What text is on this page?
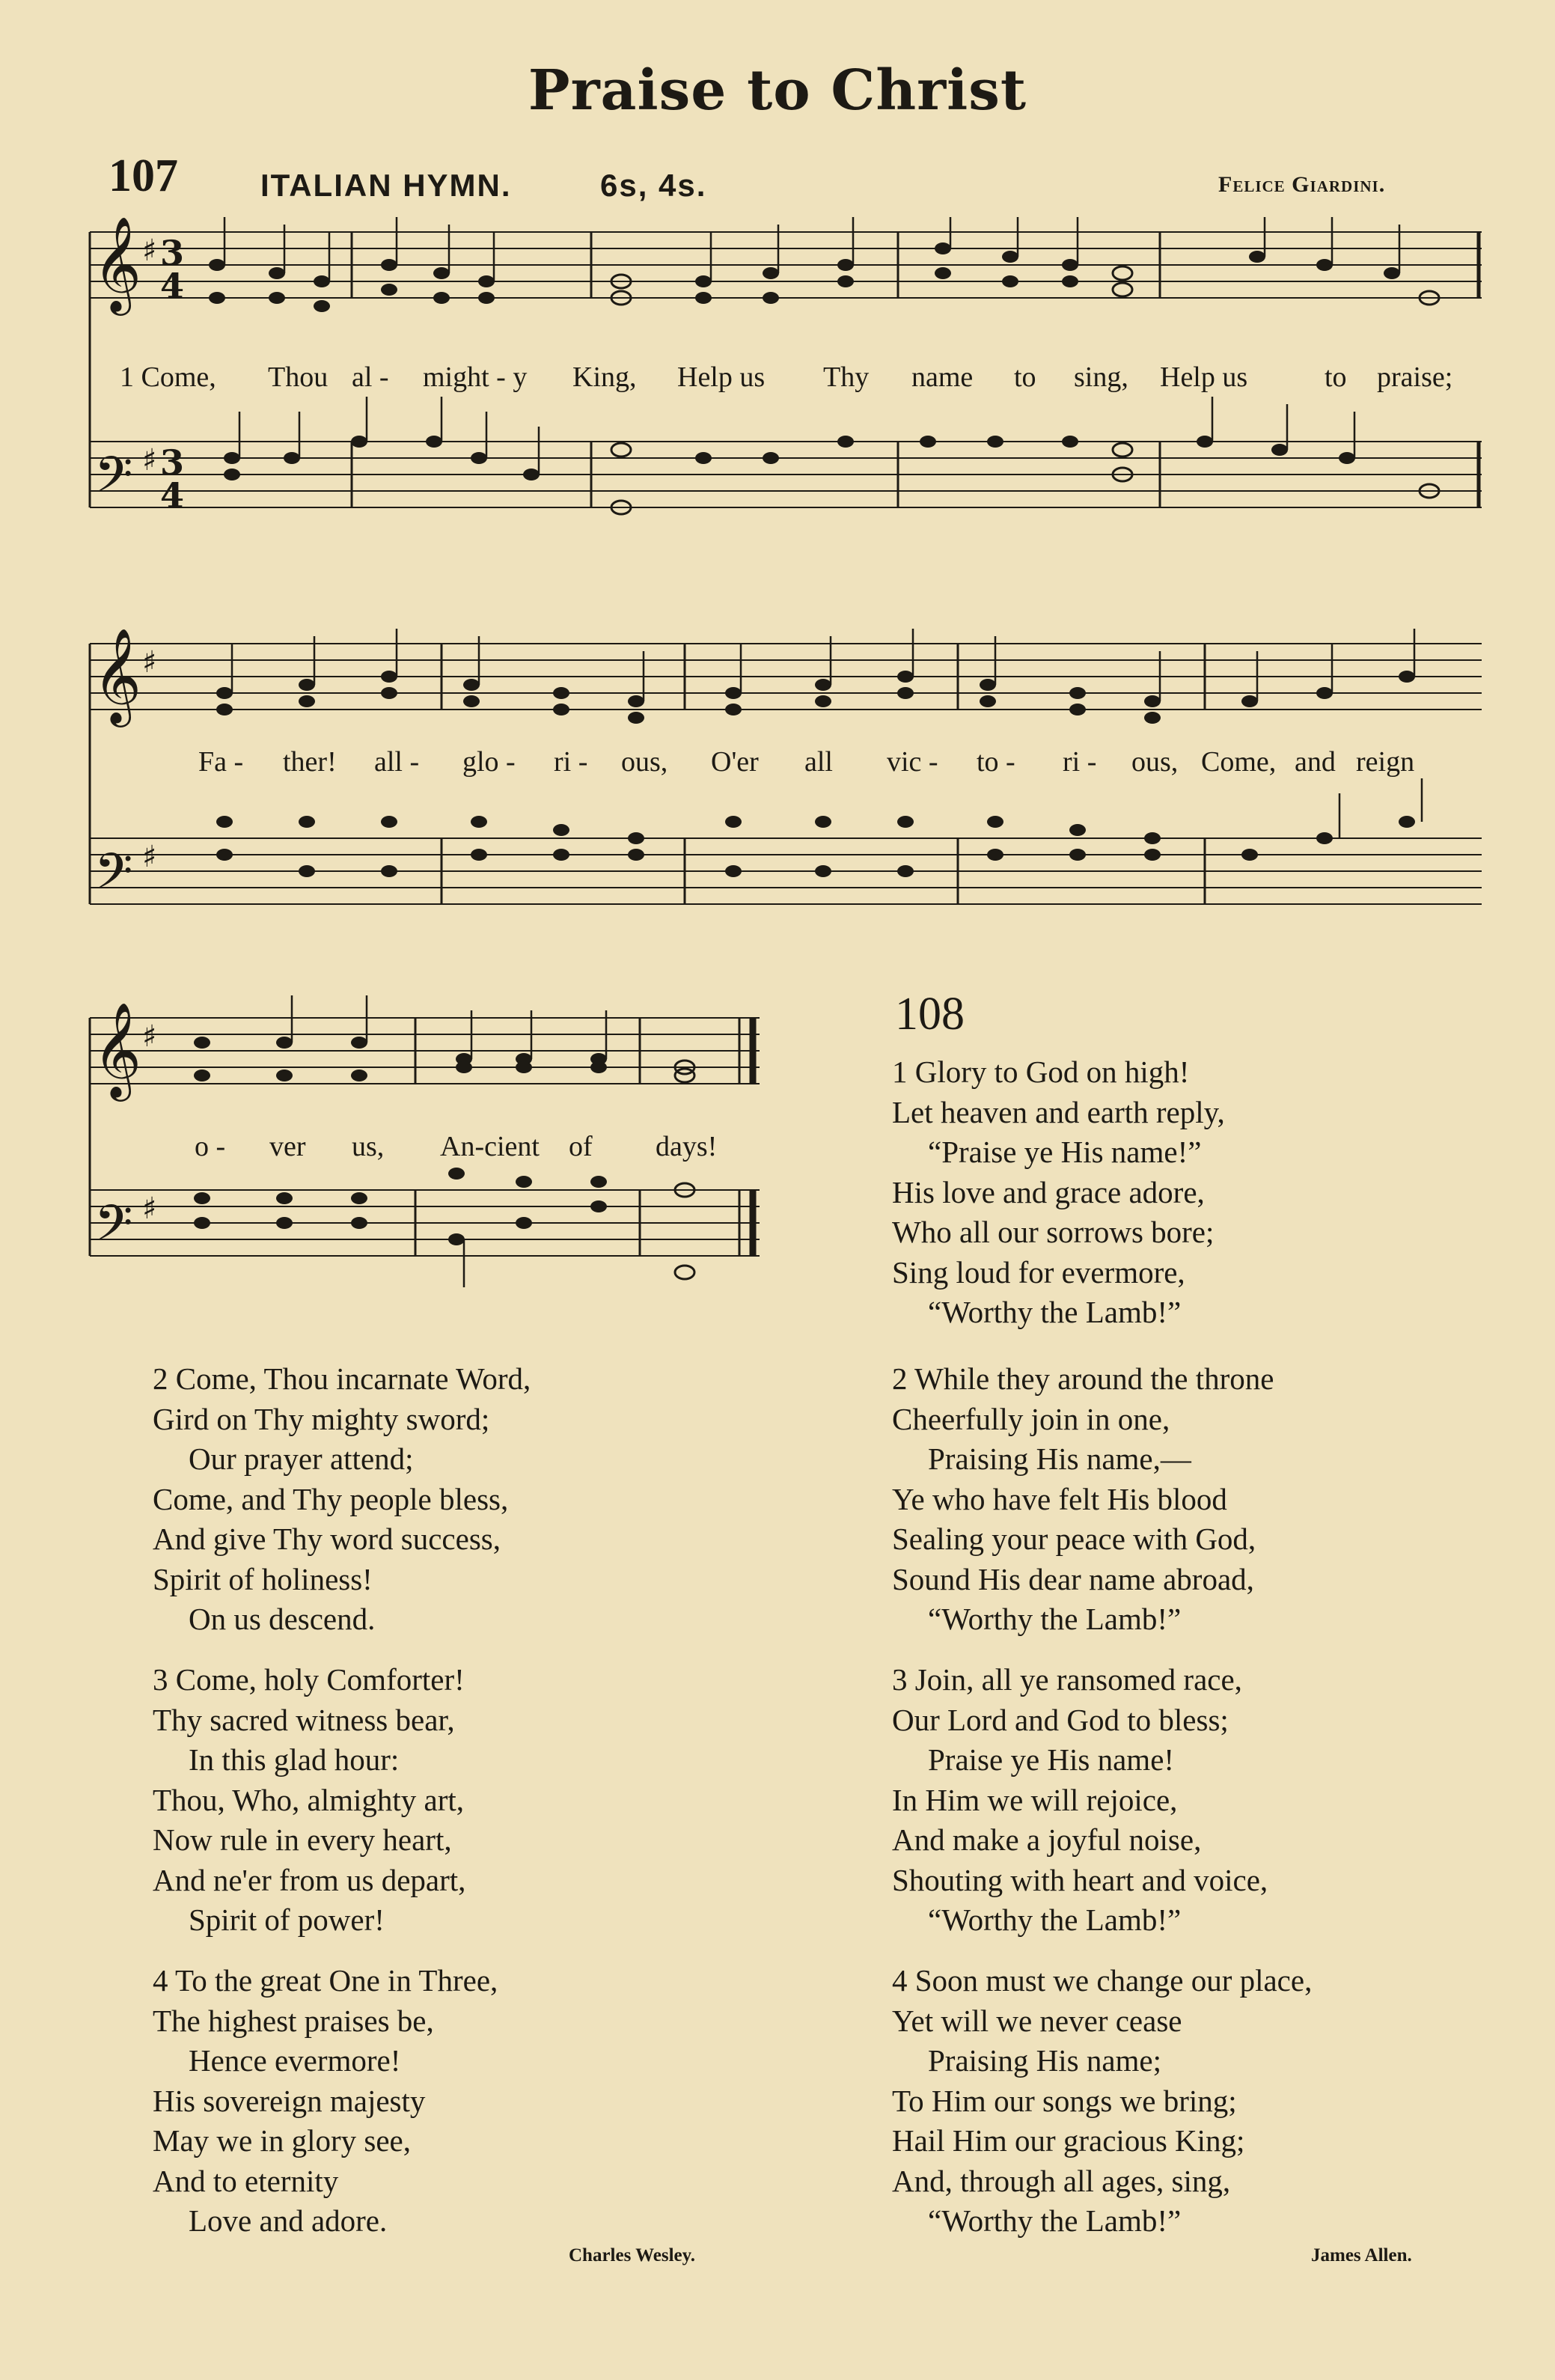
Praise to Christ
107	ITALIAN HYMN.	6s, 4s.	Felice Giardini.
𝄞
𝄢
♯
♯
3
4
3
4
1 Come, Thou al - might - y King, Help us Thy name to sing, Help us	to praise;
𝄞
𝄢
♯
♯
Fa - ther! all - glo - ri - ous, O'er all vic - to - ri - ous, Come, and reign
𝄞
𝄢
♯
♯
o - ver us, An-cient of days!
2 Come, Thou incarnate Word,
Gird on Thy mighty sword;
Our prayer attend;
Come, and Thy people bless,
And give Thy word success,
Spirit of holiness!
On us descend.
3 Come, holy Comforter!
Thy sacred witness bear,
In this glad hour:
Thou, Who, almighty art,
Now rule in every heart,
And ne'er from us depart,
Spirit of power!
4 To the great One in Three,
The highest praises be,
Hence evermore!
His sovereign majesty
May we in glory see,
And to eternity
Love and adore.
Charles Wesley.
108
1 Glory to God on high!
Let heaven and earth reply,
“Praise ye His name!”
His love and grace adore,
Who all our sorrows bore;
Sing loud for evermore,
“Worthy the Lamb!”
2 While they around the throne
Cheerfully join in one,
Praising His name,—
Ye who have felt His blood
Sealing your peace with God,
Sound His dear name abroad,
“Worthy the Lamb!”
3 Join, all ye ransomed race,
Our Lord and God to bless;
Praise ye His name!
In Him we will rejoice,
And make a joyful noise,
Shouting with heart and voice,
“Worthy the Lamb!”
4 Soon must we change our place,
Yet will we never cease
Praising His name;
To Him our songs we bring;
Hail Him our gracious King;
And, through all ages, sing,
“Worthy the Lamb!”
James Allen.
